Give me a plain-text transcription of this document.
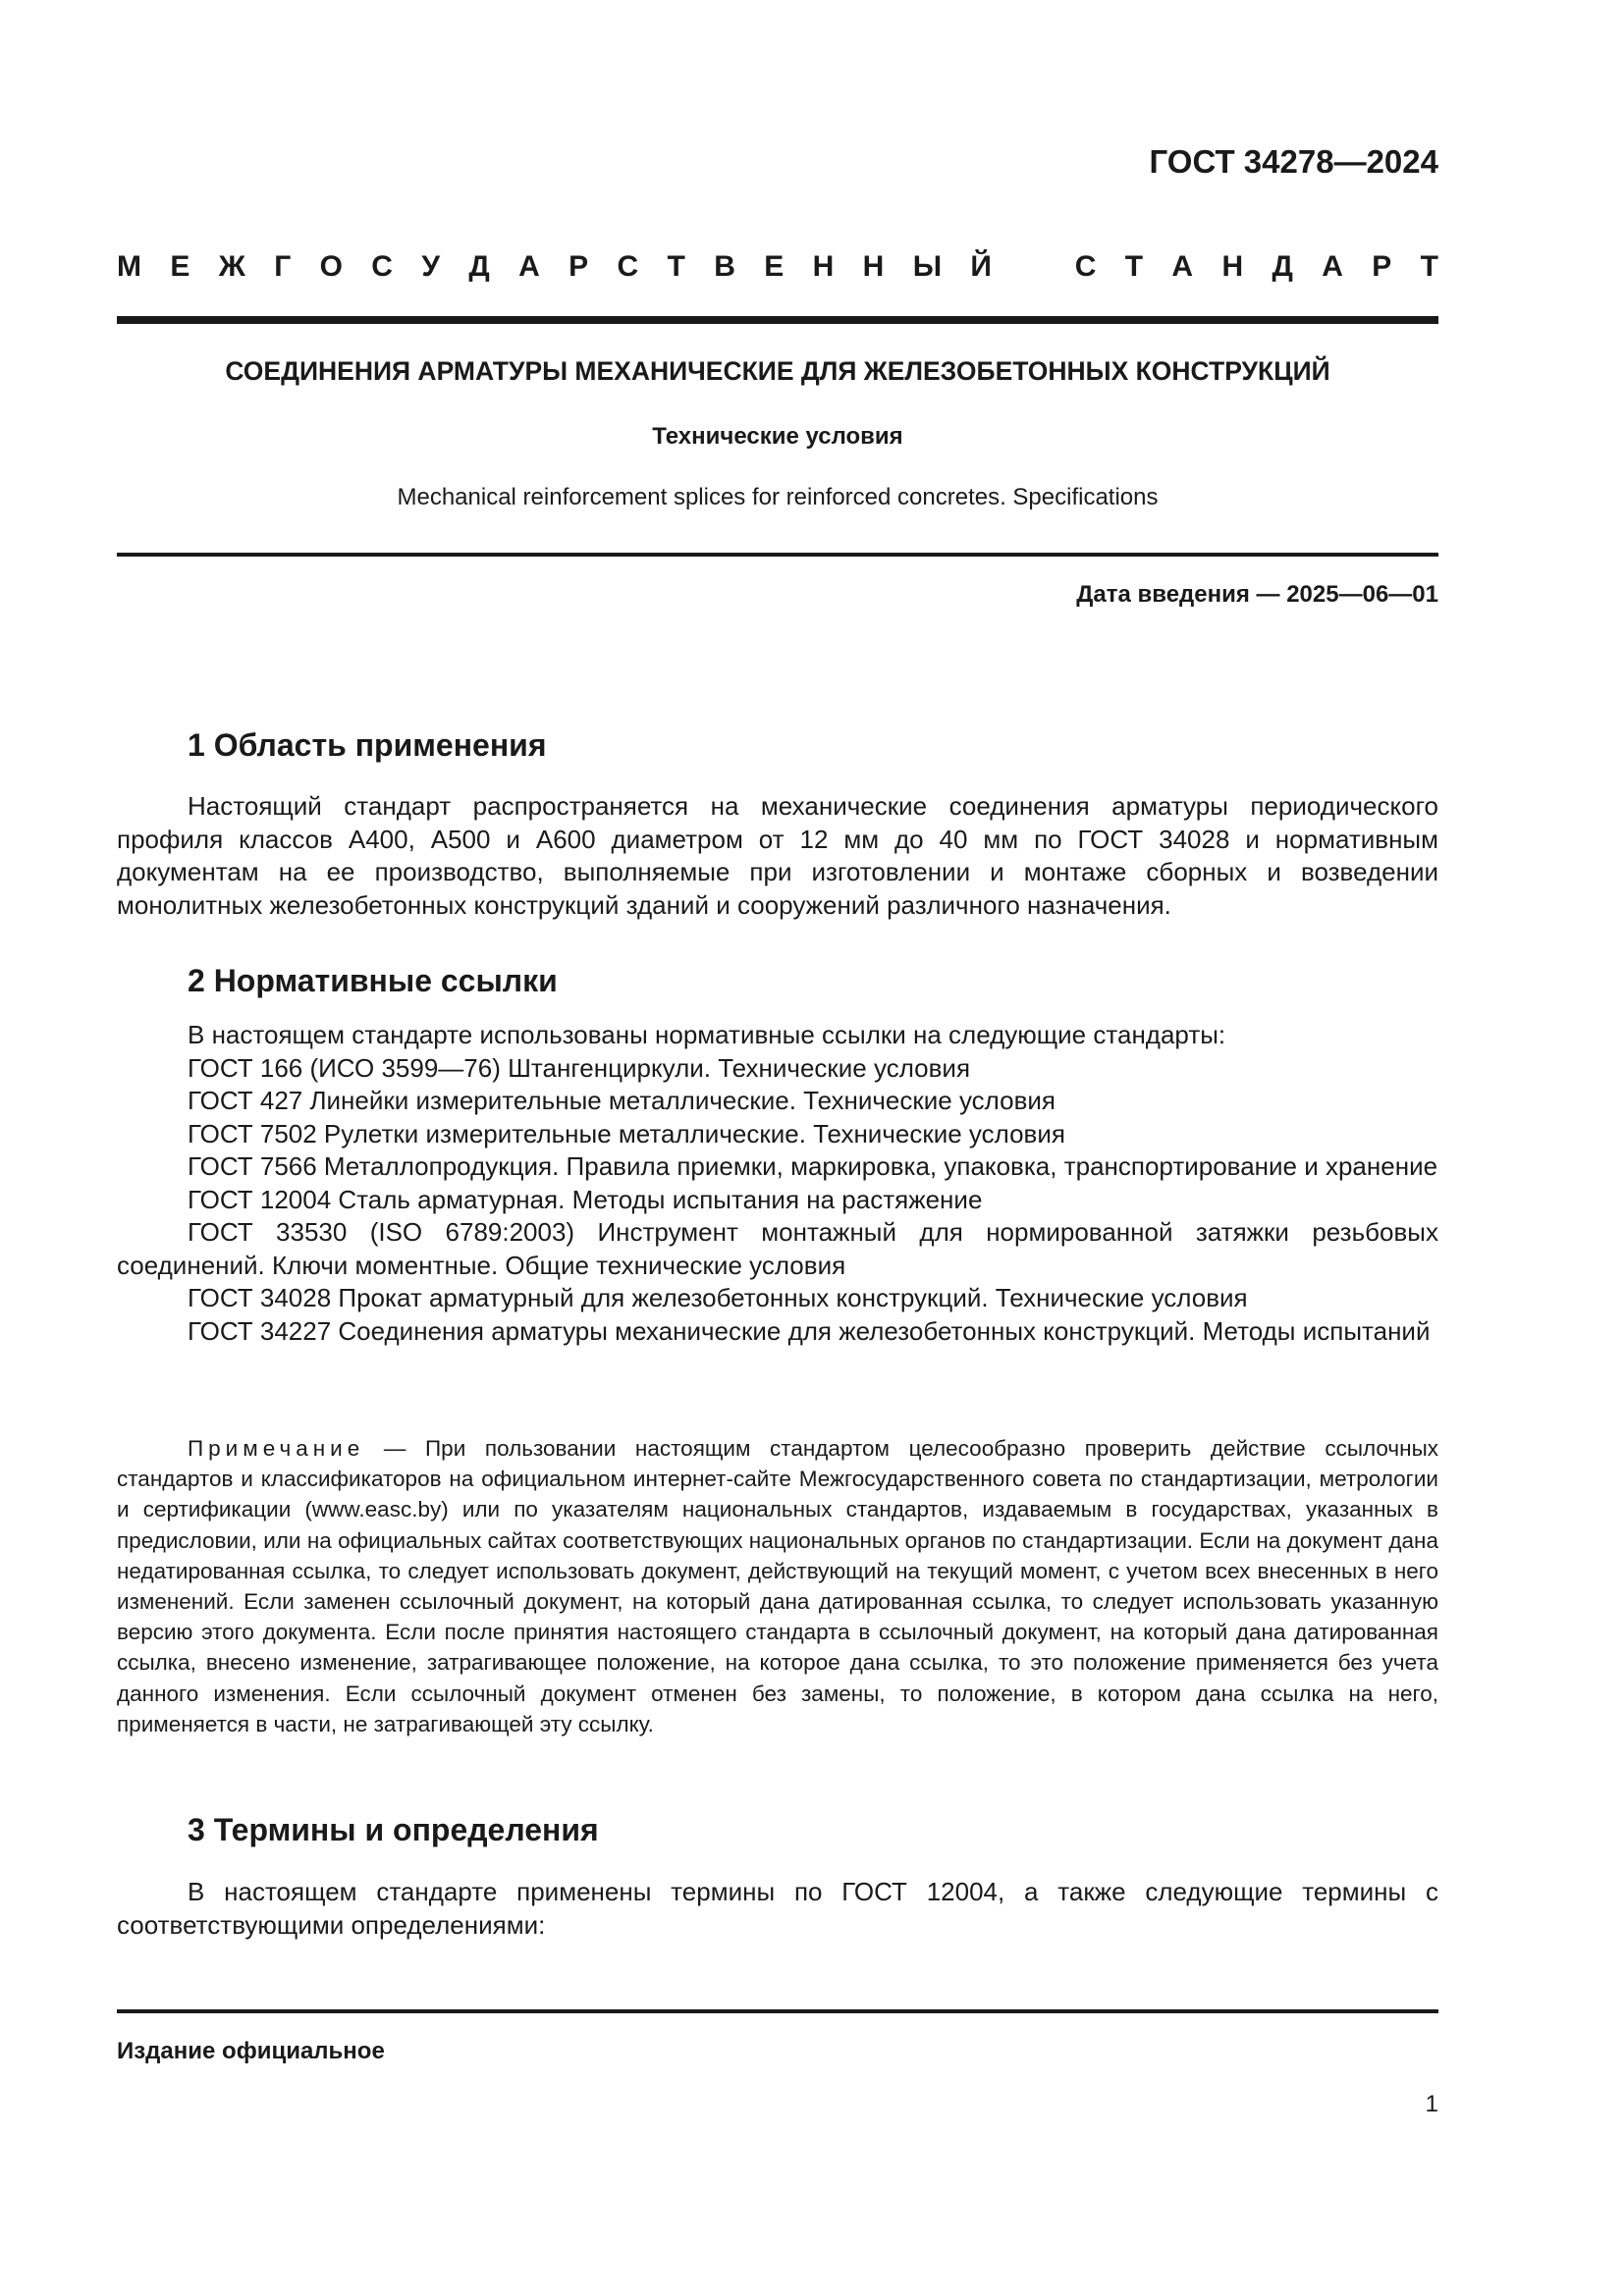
ГОСТ 34278—2024
М Е Ж Г О С У Д А Р С Т В Е Н Н Ы Й	С Т А Н Д А Р Т
СОЕДИНЕНИЯ АРМАТУРЫ МЕХАНИЧЕСКИЕ ДЛЯ ЖЕЛЕЗОБЕТОННЫХ КОНСТРУКЦИЙ
Технические условия
Mechanical reinforcement splices for reinforced concretes. Specifications
Дата введения — 2025—06—01
1 Область применения
Настоящий стандарт распространяется на механические соединения арматуры периодического профиля классов А400, А500 и А600 диаметром от 12 мм до 40 мм по ГОСТ 34028 и нормативным документам на ее производство, выполняемые при изготовлении и монтаже сборных и возведении монолитных железобетонных конструкций зданий и сооружений различного назначения.
2 Нормативные ссылки
В настоящем стандарте использованы нормативные ссылки на следующие стандарты:
ГОСТ 166 (ИСО 3599—76) Штангенциркули. Технические условия
ГОСТ 427 Линейки измерительные металлические. Технические условия
ГОСТ 7502 Рулетки измерительные металлические. Технические условия
ГОСТ 7566 Металлопродукция. Правила приемки, маркировка, упаковка, транспортирование и хранение
ГОСТ 12004 Сталь арматурная. Методы испытания на растяжение
ГОСТ 33530 (ISO 6789:2003) Инструмент монтажный для нормированной затяжки резьбовых соединений. Ключи моментные. Общие технические условия
ГОСТ 34028 Прокат арматурный для железобетонных конструкций. Технические условия
ГОСТ 34227 Соединения арматуры механические для железобетонных конструкций. Методы испытаний
Примечание — При пользовании настоящим стандартом целесообразно проверить действие ссылочных стандартов и классификаторов на официальном интернет-сайте Межгосударственного совета по стандартизации, метрологии и сертификации (www.easc.by) или по указателям национальных стандартов, издаваемым в государствах, указанных в предисловии, или на официальных сайтах соответствующих национальных органов по стандартизации. Если на документ дана недатированная ссылка, то следует использовать документ, действующий на текущий момент, с учетом всех внесенных в него изменений. Если заменен ссылочный документ, на который дана датированная ссылка, то следует использовать указанную версию этого документа. Если после принятия настоящего стандарта в ссылочный документ, на который дана датированная ссылка, внесено изменение, затрагивающее положение, на которое дана ссылка, то это положение применяется без учета данного изменения. Если ссылочный документ отменен без замены, то положение, в котором дана ссылка на него, применяется в части, не затрагивающей эту ссылку.
3 Термины и определения
В настоящем стандарте применены термины по ГОСТ 12004, а также следующие термины с соответствующими определениями:
Издание официальное
1
